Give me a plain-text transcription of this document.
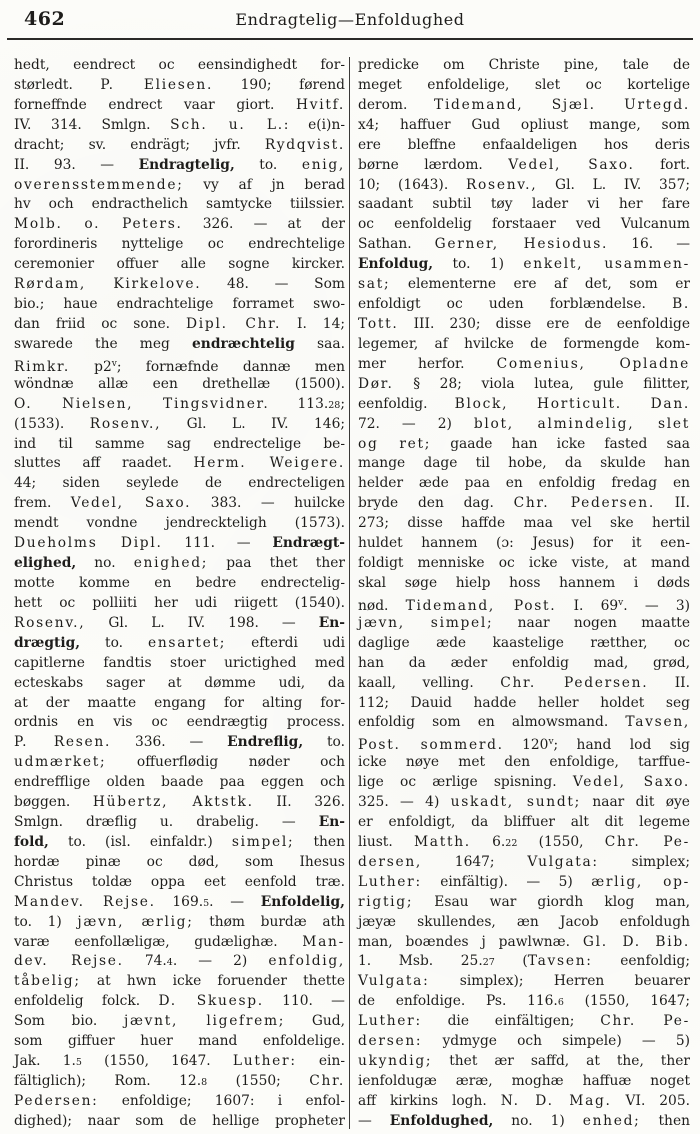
462	Endragtelig—Enfoldughed
hedt, eendrect oc eensindighedt for-
størledt. P. Eliesen. 190; førend
forneffnde endrect vaar giort. Hvitf.
IV. 314. Smlgn. Sch. u. L.: e(i)n-
dracht; sv. endrägt; jvfr. Rydqvist.
II. 93. — Endragtelig, to. enig,
overensstemmende; vy af jn berad
hv och endracthelich samtycke tiilssier.
Molb. o. Peters. 326. — at der
forordineris nyttelige oc endrechtelige
ceremonier offuer alle sogne kircker.
Rørdam, Kirkelove. 48. — Som
bio.; haue endrachtelige forramet swo-
dan friid oc sone. Dipl. Chr. I. 14;
swarede the meg endræchtelig saa.
Rimkr. p2$^v$; fornæfnde dannæ men
wöndnæ allæ een drethellæ (1500).
O. Nielsen, Tingsvidner. 113.28;
(1533). Rosenv., Gl. L. IV. 146;
ind til samme sag endrectelige be-
sluttes aff raadet. Herm. Weigere.
44; siden seylede de endrecteligen
frem. Vedel, Saxo. 383. — huilcke
mendt vondne jendreckteligh (1573).
Dueholms Dipl. 111. — Endrægt-
elighed, no. enighed; paa thet ther
motte komme en bedre endrectelig-
hett oc polliiti her udi riigett (1540).
Rosenv., Gl. L. IV. 198. — En-
drægtig, to. ensartet; efterdi udi
capitlerne fandtis stoer urictighed med
ecteskabs sager at dømme udi, da
at der maatte engang for alting for-
ordnis en vis oc eendrægtig process.
P. Resen. 336. — Endreflig, to.
udmærket; offuerflødig nøder och
endrefflige olden baade paa eggen och
bøggen. Hübertz, Aktstk. II. 326.
Smlgn. dræflig u. drabelig. — En-
fold, to. (isl. einfaldr.) simpel; then
hordæ pinæ oc død, som Ihesus
Christus toldæ oppa eet eenfold træ.
Mandev. Rejse. 169.5. — Enfoldelig,
to. 1) jævn, ærlig; thøm burdæ ath
varæ eenfollæligæ, gudælighæ. Man-
dev. Rejse. 74.4. — 2) enfoldig,
tåbelig; at hwn icke foruender thette
enfoldelig folck. D. Skuesp. 110. —
Som bio. jævnt, ligefrem; Gud,
som giffuer huer mand enfoldelige.
Jak. 1.5 (1550, 1647. Luther: ein-
fältiglich); Rom. 12.8 (1550; Chr.
Pedersen: enfoldige; 1607: i enfol-
dighed); naar som de hellige propheter
predicke om Christe pine, tale de
meget enfoldelige, slet oc kortelige
derom. Tidemand, Sjæl. Urtegd.
x4; haffuer Gud opliust mange, som
ere bleffne enfaaldeligen hos deris
børne lærdom. Vedel, Saxo. fort.
10; (1643). Rosenv., Gl. L. IV. 357;
saadant subtil tøy lader vi her fare
oc eenfoldelig forstaaer ved Vulcanum
Sathan. Gerner, Hesiodus. 16. —
Enfoldug, to. 1) enkelt, usammen-
sat; elementerne ere af det, som er
enfoldigt oc uden forblændelse. B.
Tott. III. 230; disse ere de eenfoldige
legemer, af hvilcke de formengde kom-
mer herfor. Comenius, Opladne
Dør. § 28; viola lutea, gule filitter,
eenfoldig. Block, Horticult. Dan.
72. — 2) blot, almindelig, slet
og ret; gaade han icke fasted saa
mange dage til hobe, da skulde han
helder æde paa en enfoldig fredag en
bryde den dag. Chr. Pedersen. II.
273; disse haffde maa vel ske hertil
huldet hannem (ɔ: Jesus) for it een-
foldigt menniske oc icke viste, at mand
skal søge hielp hoss hannem i døds
nød. Tidemand, Post. I. 69$^v$. — 3)
jævn, simpel; naar nogen maatte
daglige æde kaastelige rætther, oc
han da æder enfoldig mad, grød,
kaall, velling. Chr. Pedersen. II.
112; Dauid hadde heller holdet seg
enfoldig som en almowsmand. Tavsen,
Post. sommerd. 120$^v$; hand lod sig
icke nøye met den enfoldige, tarffue-
lige oc ærlige spisning. Vedel, Saxo.
325. — 4) uskadt, sundt; naar dit øye
er enfoldigt, da bliffuer alt dit legeme
liust. Matth. 6.22 (1550, Chr. Pe-
dersen, 1647; Vulgata: simplex;
Luther: einfältig). — 5) ærlig, op-
rigtig; Esau war giordh klog man,
jæyæ skullendes, æn Jacob enfoldugh
man, boændes j pawlwnæ. Gl. D. Bib.
1. Msb. 25.27 (Tavsen: eenfoldig;
Vulgata: simplex); Herren beuarer
de enfoldige. Ps. 116.6 (1550, 1647;
Luther: die einfältigen; Chr. Pe-
dersen: ydmyge och simpele) — 5)
ukyndig; thet ær saffd, at the, ther
ienfoldugæ æræ, moghæ haffuæ noget
aff kirkins logh. N. D. Mag. VI. 205.
— Enfoldughed, no. 1) enhed; then
